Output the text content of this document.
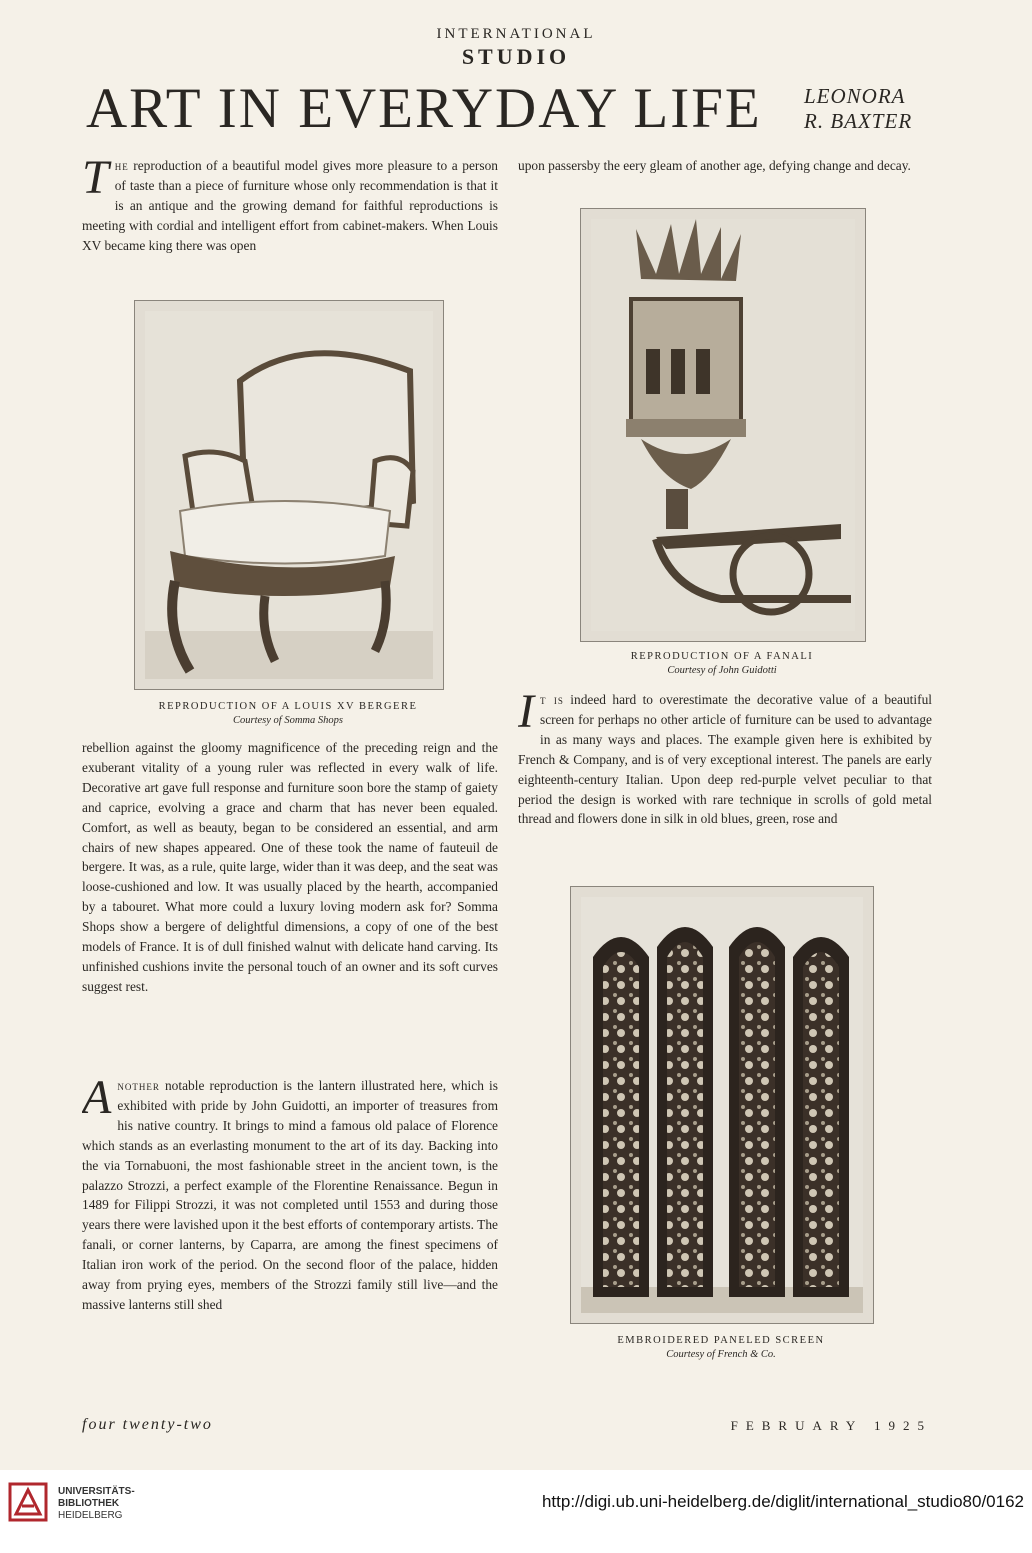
INTERNATIONAL
STUDIO
ART IN EVERYDAY LIFE LEONORA
R. BAXTER

The reproduction of a beautiful model gives more pleasure to a person of taste than a piece of furniture whose only recommendation is that it is an antique and the growing demand for faithful reproductions is meeting with cordial and intelligent effort from cabinet-makers. When Louis XV became king there was open

REPRODUCTION OF A LOUIS XV BERGERE
Courtesy of Somma Shops

rebellion against the gloomy magnificence of the preceding reign and the exuberant vitality of a young ruler was reflected in every walk of life. Decorative art gave full response and furniture soon bore the stamp of gaiety and caprice, evolving a grace and charm that has never been equaled. Comfort, as well as beauty, began to be considered an essential, and arm chairs of new shapes appeared. One of these took the name of fauteuil de bergere. It was, as a rule, quite large, wider than it was deep, and the seat was loose-cushioned and low. It was usually placed by the hearth, accompanied by a tabouret. What more could a luxury loving modern ask for? Somma Shops show a bergere of delightful dimensions, a copy of one of the best models of France. It is of dull finished walnut with delicate hand carving. Its unfinished cushions invite the personal touch of an owner and its soft curves suggest rest.

Another notable reproduction is the lantern illustrated here, which is exhibited with pride by John Guidotti, an importer of treasures from his native country. It brings to mind a famous old palace of Florence which stands as an everlasting monument to the art of its day. Backing into the via Tornabuoni, the most fashionable street in the ancient town, is the palazzo Strozzi, a perfect example of the Florentine Renaissance. Begun in 1489 for Filippi Strozzi, it was not completed until 1553 and during those years there were lavished upon it the best efforts of contemporary artists. The fanali, or corner lanterns, by Caparra, are among the finest specimens of Italian iron work of the period. On the second floor of the palace, hidden away from prying eyes, members of the Strozzi family still live—and the massive lanterns still shed

upon passersby the eery gleam of another age, defying change and decay.

REPRODUCTION OF A FANALI
Courtesy of John Guidotti

It is indeed hard to overestimate the decorative value of a beautiful screen for perhaps no other article of furniture can be used to advantage in as many ways and places. The example given here is exhibited by French & Company, and is of very exceptional interest. The panels are early eighteenth-century Italian. Upon deep red-purple velvet peculiar to that period the design is worked with rare technique in scrolls of gold metal thread and flowers done in silk in old blues, green, rose and

EMBROIDERED PANELED SCREEN
Courtesy of French & Co.
four twenty-two	FEBRUARY 1925
UNIVERSITÄTS-
BIBLIOTHEK
HEIDELBERG
http://digi.ub.uni-heidelberg.de/diglit/international_studio80/0162
